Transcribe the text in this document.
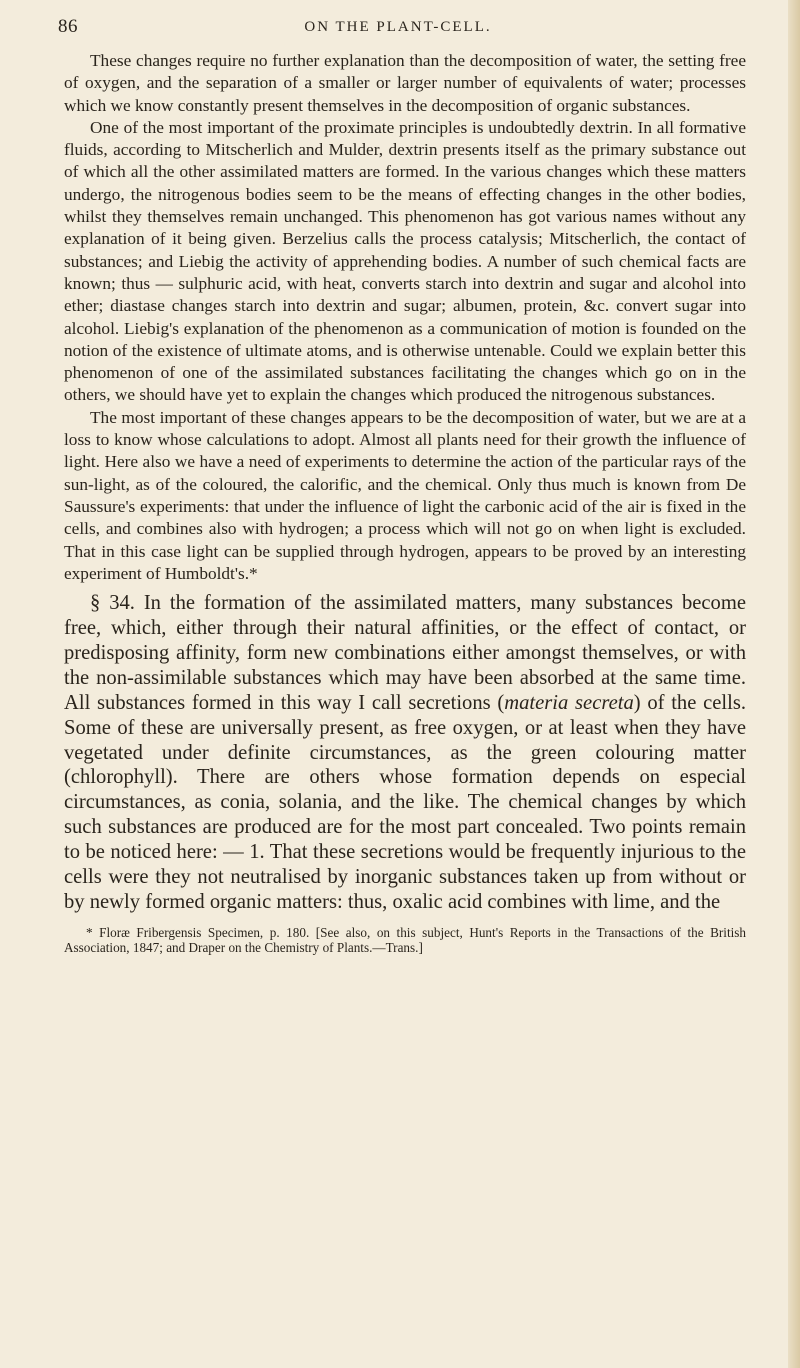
86	ON THE PLANT-CELL.

These changes require no further explanation than the decomposition of water, the setting free of oxygen, and the separation of a smaller or larger number of equivalents of water; processes which we know constantly present themselves in the decomposition of organic substances.

One of the most important of the proximate principles is undoubtedly dextrin. In all formative fluids, according to Mitscherlich and Mulder, dextrin presents itself as the primary substance out of which all the other assimilated matters are formed. In the various changes which these matters undergo, the nitrogenous bodies seem to be the means of effecting changes in the other bodies, whilst they themselves remain unchanged. This phenomenon has got various names without any explanation of it being given. Berzelius calls the process catalysis; Mitscherlich, the contact of substances; and Liebig the activity of apprehending bodies. A number of such chemical facts are known; thus — sulphuric acid, with heat, converts starch into dextrin and sugar and alcohol into ether; diastase changes starch into dextrin and sugar; albumen, protein, &c. convert sugar into alcohol. Liebig's explanation of the phenomenon as a communication of motion is founded on the notion of the existence of ultimate atoms, and is otherwise untenable. Could we explain better this phenomenon of one of the assimilated substances facilitating the changes which go on in the others, we should have yet to explain the changes which produced the nitrogenous substances.

The most important of these changes appears to be the decomposition of water, but we are at a loss to know whose calculations to adopt. Almost all plants need for their growth the influence of light. Here also we have a need of experiments to determine the action of the particular rays of the sun-light, as of the coloured, the calorific, and the chemical. Only thus much is known from De Saussure's experiments: that under the influence of light the carbonic acid of the air is fixed in the cells, and combines also with hydrogen; a process which will not go on when light is excluded. That in this case light can be supplied through hydrogen, appears to be proved by an interesting experiment of Humboldt's.*

§ 34. In the formation of the assimilated matters, many substances become free, which, either through their natural affinities, or the effect of contact, or predisposing affinity, form new combinations either amongst themselves, or with the non-assimilable substances which may have been absorbed at the same time. All substances formed in this way I call secretions (materia secreta) of the cells. Some of these are universally present, as free oxygen, or at least when they have vegetated under definite circumstances, as the green colouring matter (chlorophyll). There are others whose formation depends on especial circumstances, as conia, solania, and the like. The chemical changes by which such substances are produced are for the most part concealed. Two points remain to be noticed here: — 1. That these secretions would be frequently injurious to the cells were they not neutralised by inorganic substances taken up from without or by newly formed organic matters: thus, oxalic acid combines with lime, and the

* Floræ Fribergensis Specimen, p. 180. [See also, on this subject, Hunt's Reports in the Transactions of the British Association, 1847; and Draper on the Chemistry of Plants.—Trans.]
